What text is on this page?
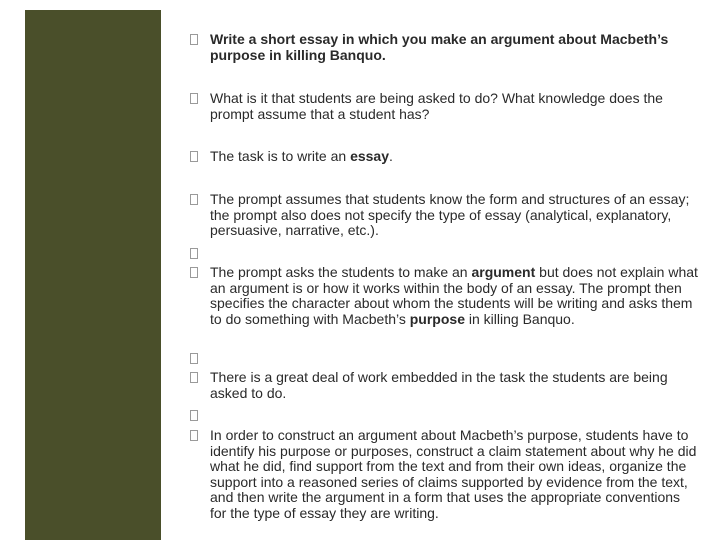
Write a short essay in which you make an argument about Macbeth’s purpose in killing Banquo.
What is it that students are being asked to do? What knowledge does the prompt assume that a student has?
The task is to write an essay.
The prompt assumes that students know the form and structures of an essay; the prompt also does not specify the type of essay (analytical, explanatory, persuasive, narrative, etc.).
The prompt asks the students to make an argument but does not explain what an argument is or how it works within the body of an essay. The prompt then specifies the character about whom the students will be writing and asks them to do something with Macbeth’s purpose in killing Banquo.
There is a great deal of work embedded in the task the students are being asked to do.
In order to construct an argument about Macbeth’s purpose, students have to identify his purpose or purposes, construct a claim statement about why he did what he did, find support from the text and from their own ideas, organize the support into a reasoned series of claims supported by evidence from the text, and then write the argument in a form that uses the appropriate conventions for the type of essay they are writing.
